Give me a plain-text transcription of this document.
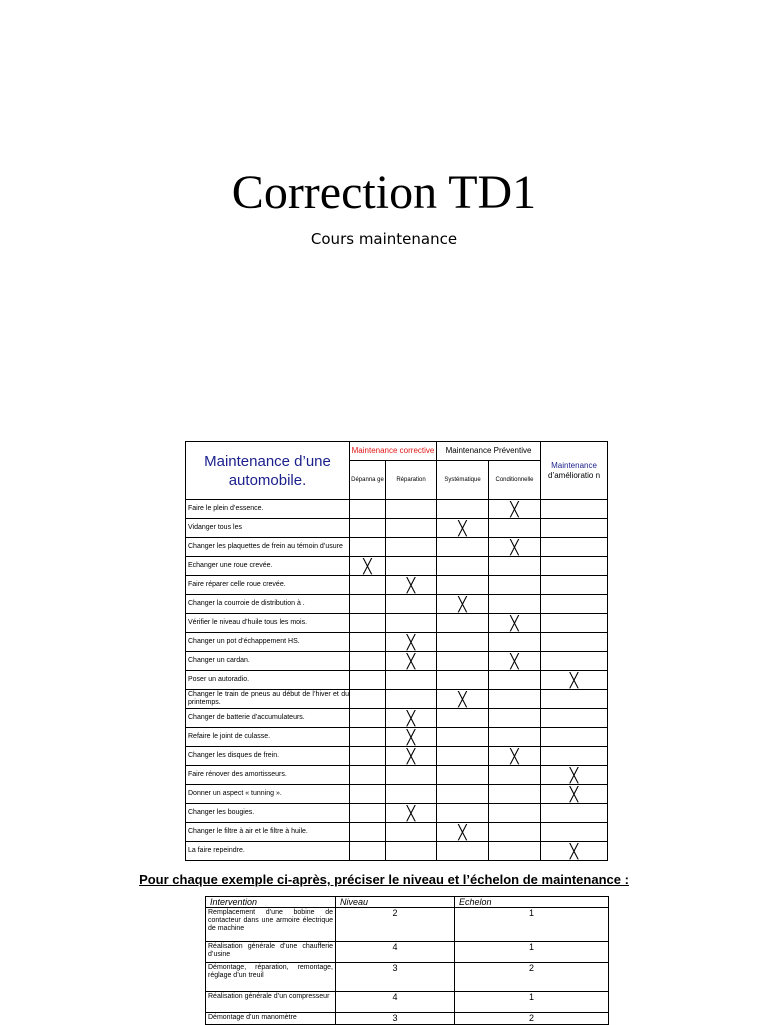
Correction TD1
Cours maintenance
Maintenance d’une automobile.	Maintenance corrective		Maintenance Préventive		Maintenance
d’amélioratio n
	Dépanna ge	Réparation	Systématique	Conditionnelle	
Faire le plein d’essence.				╳	
Vidanger tous les			╳		
Changer les plaquettes de frein au témoin d’usure				╳	
Echanger une roue crevée.	╳				
Faire réparer celle roue crevée.		╳			
Changer la courroie de distribution à .			╳		
Vérifier le niveau d’huile tous les mois.				╳	
Changer un pot d’échappement HS.		╳			
Changer un cardan.		╳		╳	
Poser un autoradio.					╳
Changer le train de pneus au début de l’hiver et du printemps.			╳		
Changer de batterie d’accumulateurs.		╳			
Refaire le joint de culasse.		╳			
Changer les disques de frein.		╳		╳	
Faire rénover des amortisseurs.					╳
Donner un aspect « tunning ».					╳
Changer les bougies.		╳			
Changer le filtre à air et le filtre à huile.			╳		
La faire repeindre.					╳
Pour chaque exemple ci-après, préciser le niveau et l’échelon de maintenance :
Intervention	Niveau	Echelon
Remplacement d’une bobine de contacteur dans une armoire électrique de machine	2	1
Réalisation générale d’une chaufferie d’usine	4	1
Démontage, réparation, remontage, réglage d’un treuil	3	2
Réalisation générale d’un compresseur	4	1
Démontage d’un manomètre	3	2
